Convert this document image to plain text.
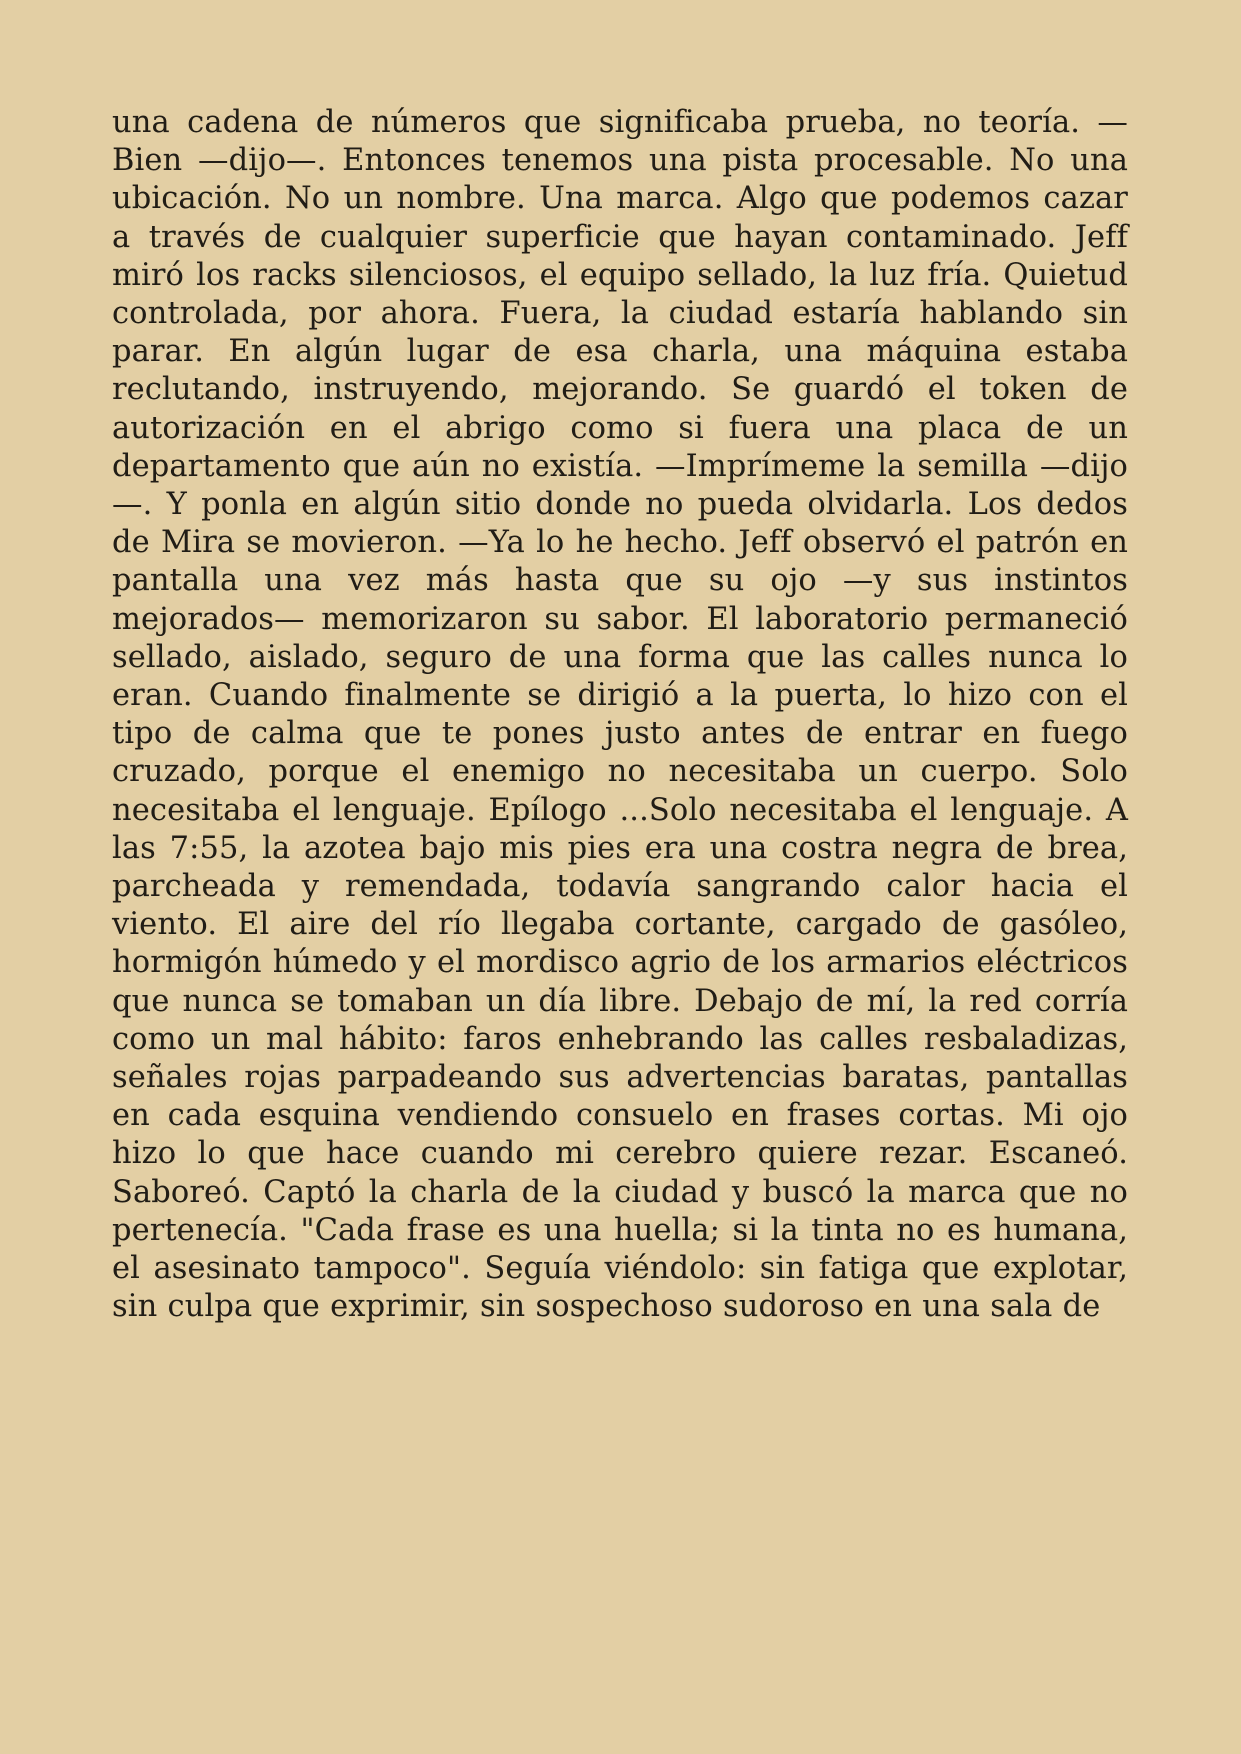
una cadena de números que significaba prueba, no teoría. —Bien —dijo—. Entonces tenemos una pista procesable. No una ubicación. No un nombre. Una marca. Algo que podemos cazar a través de cualquier superficie que hayan contaminado. Jeff miró los racks silenciosos, el equipo sellado, la luz fría. Quietud controlada, por ahora. Fuera, la ciudad estaría hablando sin parar. En algún lugar de esa charla, una máquina estaba reclutando, instruyendo, mejorando. Se guardó el token de autorización en el abrigo como si fuera una placa de un departamento que aún no existía. —Imprímeme la semilla —dijo—. Y ponla en algún sitio donde no pueda olvidarla. Los dedos de Mira se movieron. —Ya lo he hecho. Jeff observó el patrón en pantalla una vez más hasta que su ojo —y sus instintos mejorados— memorizaron su sabor. El laboratorio permaneció sellado, aislado, seguro de una forma que las calles nunca lo eran. Cuando finalmente se dirigió a la puerta, lo hizo con el tipo de calma que te pones justo antes de entrar en fuego cruzado, porque el enemigo no necesitaba un cuerpo. Solo necesitaba el lenguaje. Epílogo ...Solo necesitaba el lenguaje. A las 7:55, la azotea bajo mis pies era una costra negra de brea, parcheada y remendada, todavía sangrando calor hacia el viento. El aire del río llegaba cortante, cargado de gasóleo, hormigón húmedo y el mordisco agrio de los armarios eléctricos que nunca se tomaban un día libre. Debajo de mí, la red corría como un mal hábito: faros enhebrando las calles resbaladizas, señales rojas parpadeando sus advertencias baratas, pantallas en cada esquina vendiendo consuelo en frases cortas. Mi ojo hizo lo que hace cuando mi cerebro quiere rezar. Escaneó. Saboreó. Captó la charla de la ciudad y buscó la marca que no pertenecía. "Cada frase es una huella; si la tinta no es humana, el asesinato tampoco". Seguía viéndolo: sin fatiga que explotar, sin culpa que exprimir, sin sospechoso sudoroso en una sala de
